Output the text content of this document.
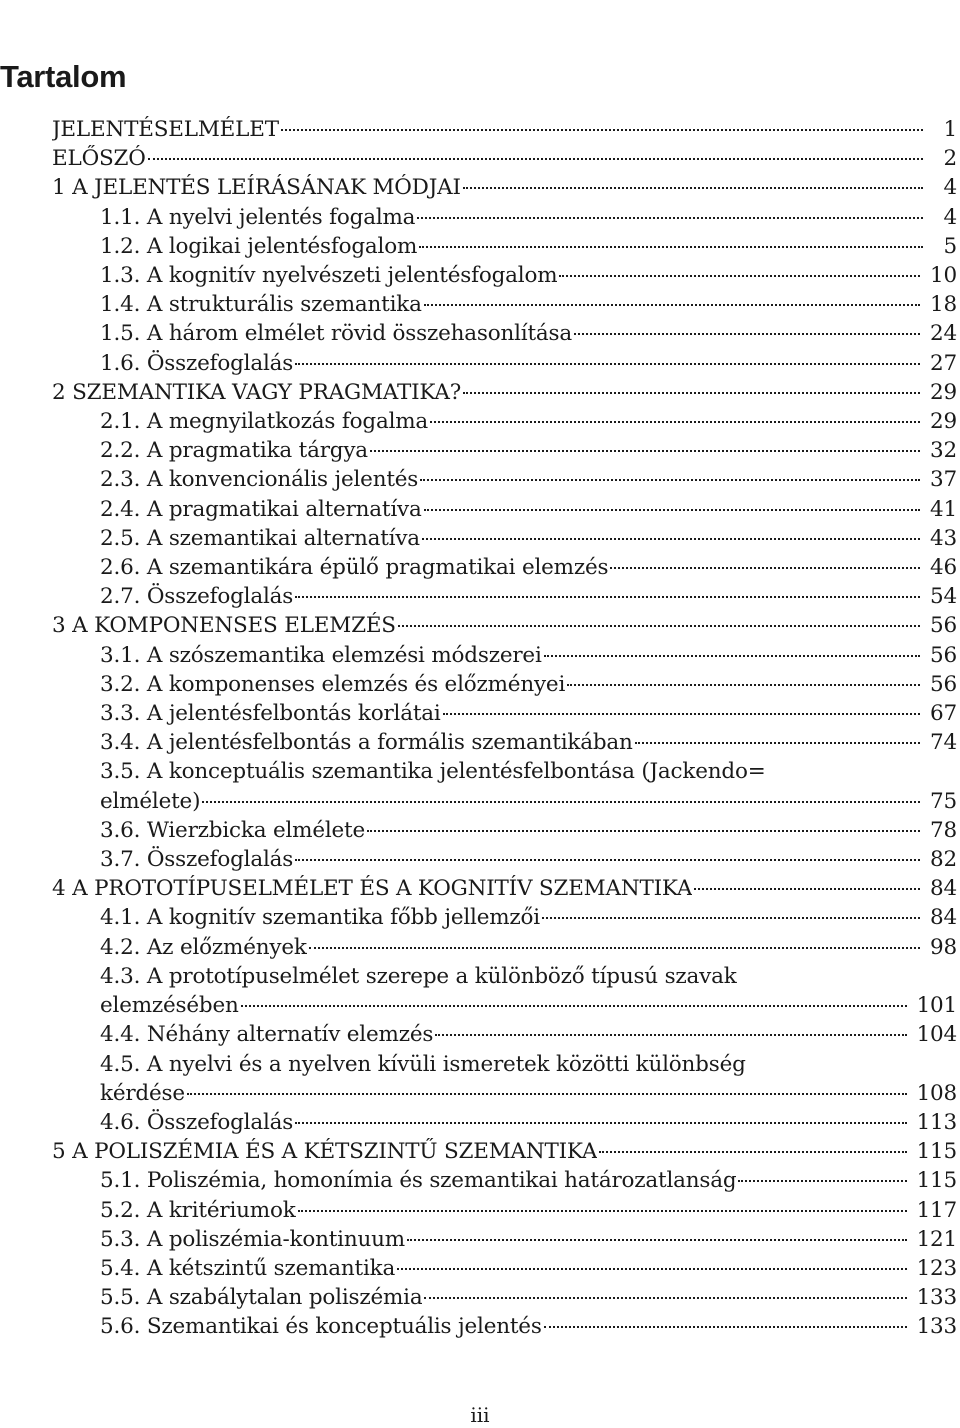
Tartalom
JELENTÉSELMÉLET	1
ELŐSZÓ	2
1 A JELENTÉS LEÍRÁSÁNAK MÓDJAI	4
1.1. A nyelvi jelentés fogalma	4
1.2. A logikai jelentésfogalom	5
1.3. A kognitív nyelvészeti jelentésfogalom	10
1.4. A strukturális szemantika	18
1.5. A három elmélet rövid összehasonlítása	24
1.6. Összefoglalás	27
2 SZEMANTIKA VAGY PRAGMATIKA?	29
2.1. A megnyilatkozás fogalma	29
2.2. A pragmatika tárgya	32
2.3. A konvencionális jelentés	37
2.4. A pragmatikai alternatíva	41
2.5. A szemantikai alternatíva	43
2.6. A szemantikára épülő pragmatikai elemzés	46
2.7. Összefoglalás	54
3 A KOMPONENSES ELEMZÉS	56
3.1. A szószemantika elemzési módszerei	56
3.2. A komponenses elemzés és előzményei	56
3.3. A jelentésfelbontás korlátai	67
3.4. A jelentésfelbontás a formális szemantikában	74
3.5. A konceptuális szemantika jelentésfelbontása (Jackendo=
elmélete)	75
3.6. Wierzbicka elmélete	78
3.7. Összefoglalás	82
4 A PROTOTÍPUSELMÉLET ÉS A KOGNITÍV SZEMANTIKA	84
4.1. A kognitív szemantika főbb jellemzői	84
4.2. Az előzmények	98
4.3. A prototípuselmélet szerepe a különböző típusú szavak
elemzésében	101
4.4. Néhány alternatív elemzés	104
4.5. A nyelvi és a nyelven kívüli ismeretek közötti különbség
kérdése	108
4.6. Összefoglalás	113
5 A POLISZÉMIA ÉS A KÉTSZINTŰ SZEMANTIKA	115
5.1. Poliszémia, homonímia és szemantikai határozatlanság	115
5.2. A kritériumok	117
5.3. A poliszémia-kontinuum	121
5.4. A kétszintű szemantika	123
5.5. A szabálytalan poliszémia	133
5.6. Szemantikai és konceptuális jelentés	133
iii
